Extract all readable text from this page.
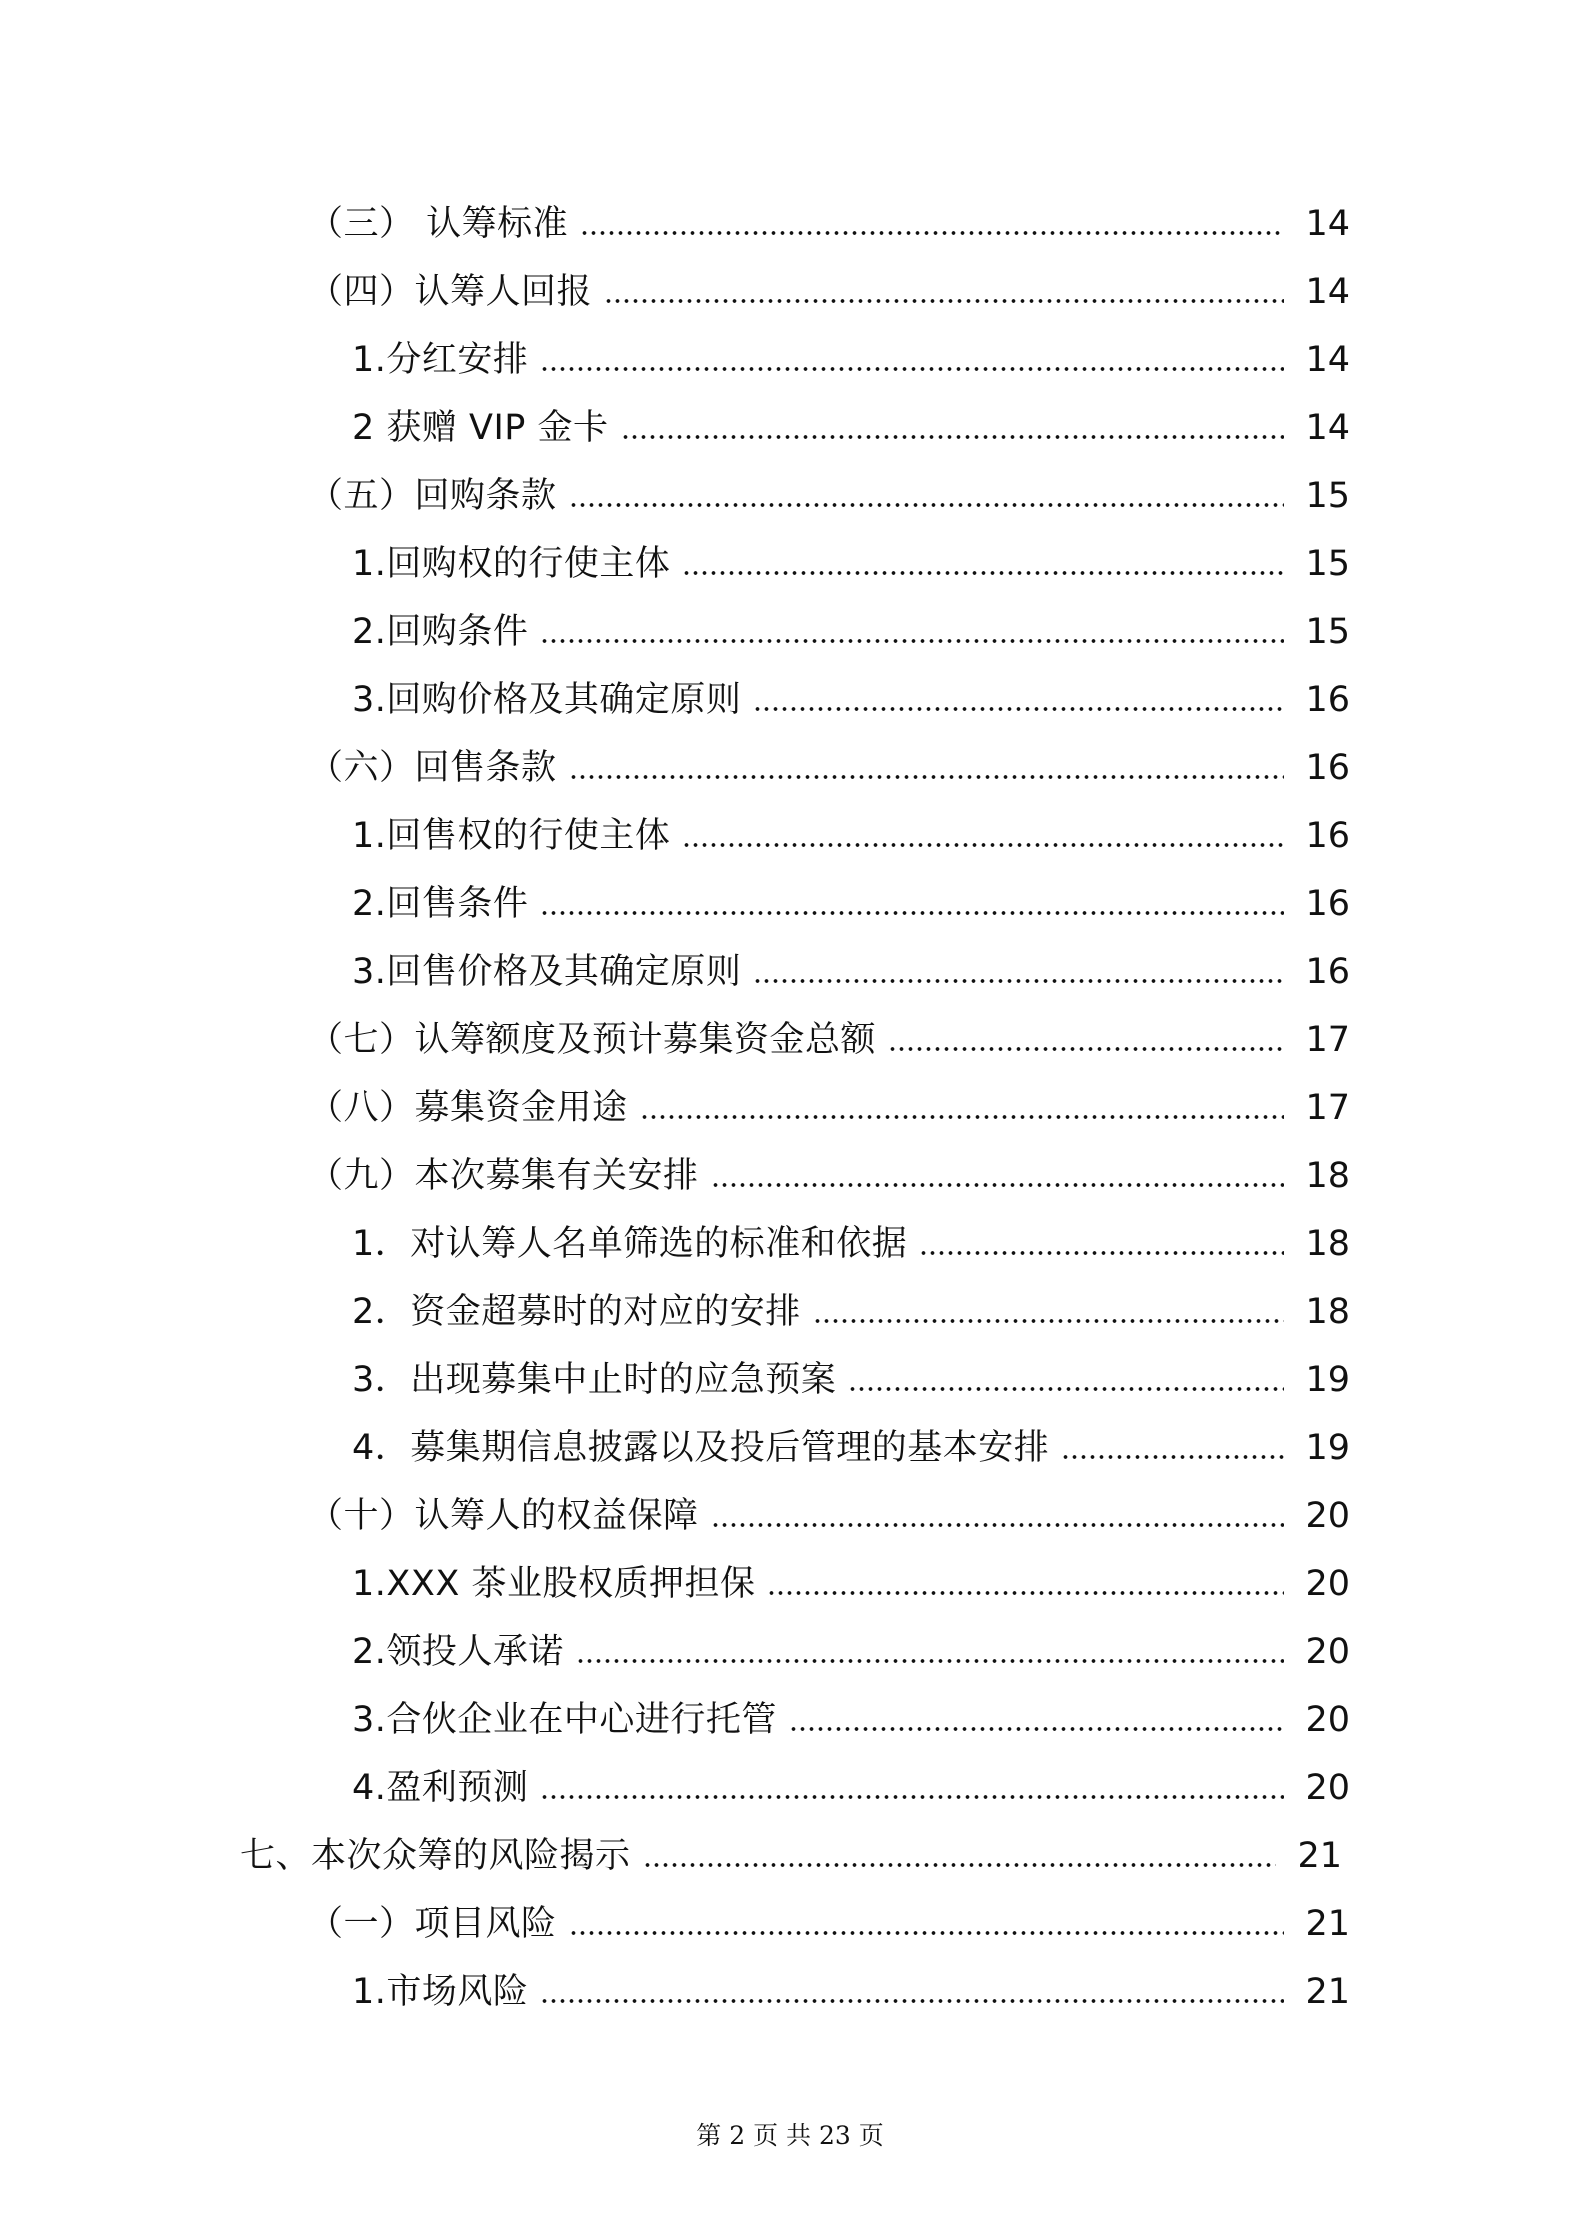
（三） 认筹标准	14
（四）认筹人回报	14
1.分红安排	14
2 获赠 VIP 金卡	14
（五）回购条款	15
1.回购权的行使主体	15
2.回购条件	15
3.回购价格及其确定原则	16
（六）回售条款	16
1.回售权的行使主体	16
2.回售条件	16
3.回售价格及其确定原则	16
（七）认筹额度及预计募集资金总额	17
（八）募集资金用途	17
（九）本次募集有关安排	18
1．对认筹人名单筛选的标准和依据	18
2．资金超募时的对应的安排	18
3．出现募集中止时的应急预案	19
4．募集期信息披露以及投后管理的基本安排	19
（十）认筹人的权益保障	20
1.XXX 茶业股权质押担保	20
2.领投人承诺	20
3.合伙企业在中心进行托管	20
4.盈利预测	20
七、本次众筹的风险揭示	21
（一）项目风险	21
1.市场风险	21
第 2 页 共 23 页
